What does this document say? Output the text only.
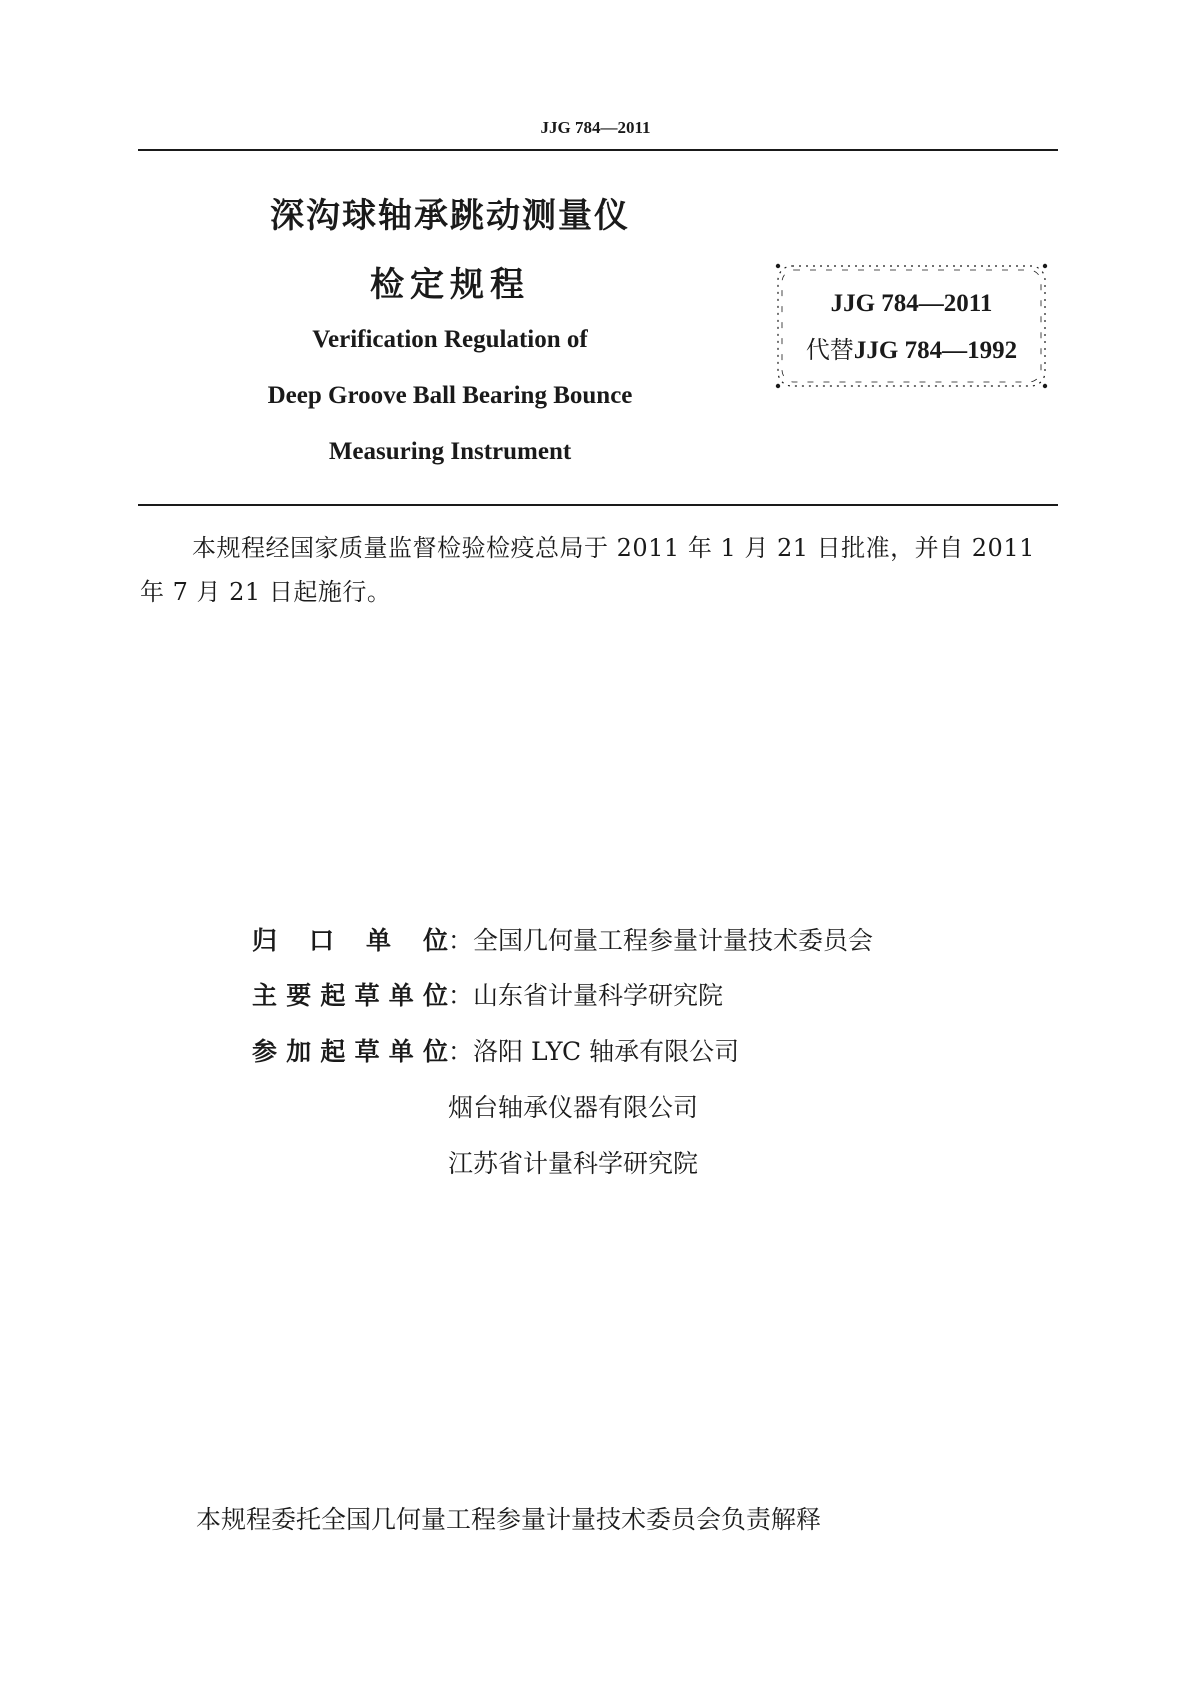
JJG 784—2011
深沟球轴承跳动测量仪
检定规程
Verification Regulation of
Deep Groove Ball Bearing Bounce
Measuring Instrument
JJG 784—2011
代替JJG 784—1992
本规程经国家质量监督检验检疫总局于 2011 年 1 月 21 日批准，并自 2011 年 7 月 21 日起施行。
归口单位：全国几何量工程参量计量技术委员会
主要起草单位：山东省计量科学研究院
参加起草单位：洛阳 LYC 轴承有限公司
烟台轴承仪器有限公司
江苏省计量科学研究院
本规程委托全国几何量工程参量计量技术委员会负责解释
